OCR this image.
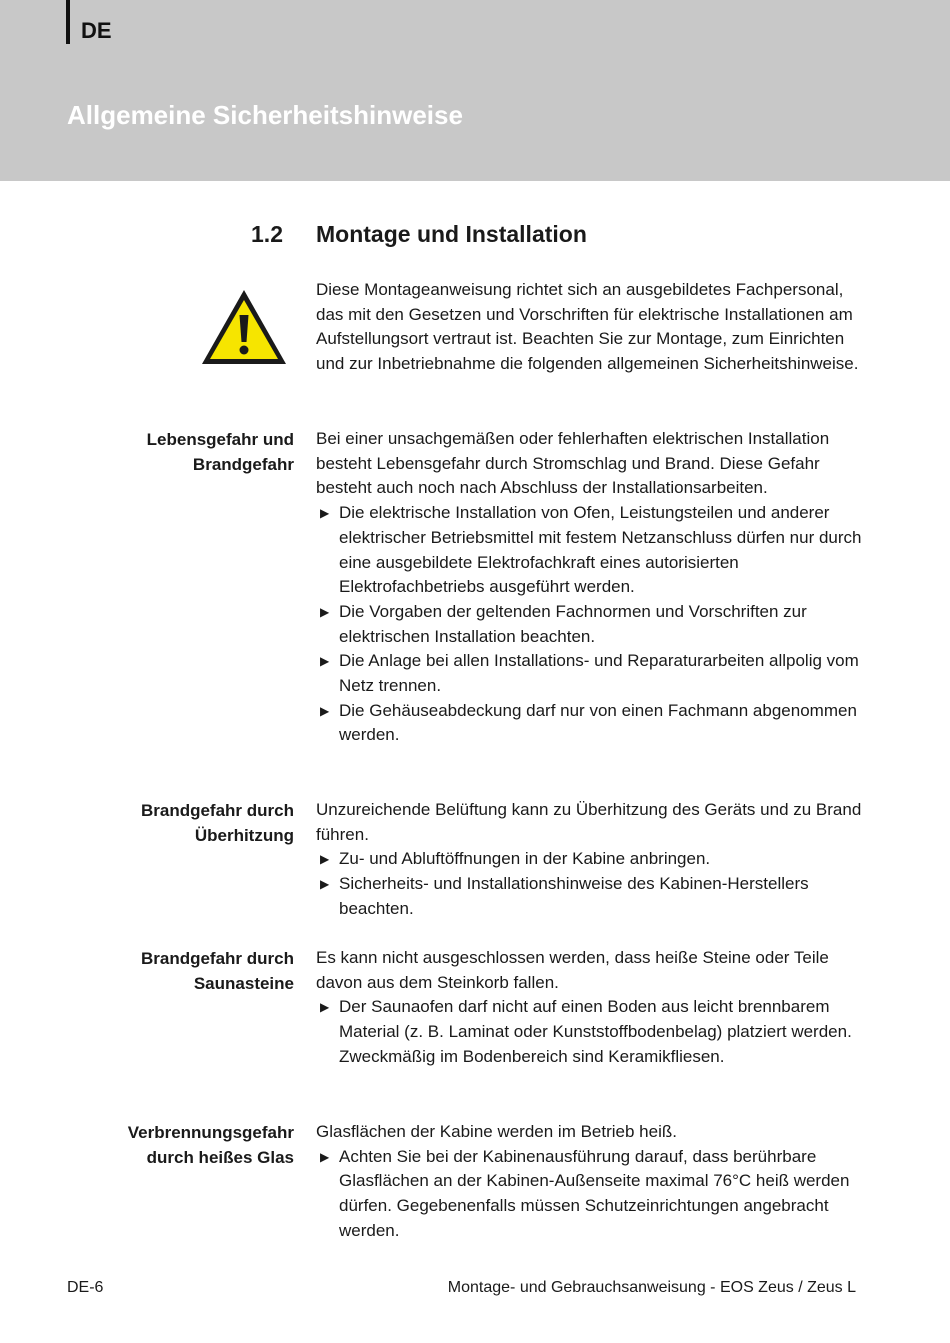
DE
Allgemeine Sicherheitshinweise
1.2 Montage und Installation

Diese Montageanweisung richtet sich an ausgebildetes Fachpersonal, das mit den Gesetzen und Vorschriften für elektrische Installationen am Aufstellungsort vertraut ist. Beachten Sie zur Montage, zum Einrichten und zur Inbetriebnahme die folgenden allgemeinen Sicherheitshinweise.

Lebensgefahr und
Brandgefahr

Bei einer unsachgemäßen oder fehlerhaften elektrischen Installation besteht Lebensgefahr durch Stromschlag und Brand. Diese Gefahr besteht auch noch nach Abschluss der Installationsarbeiten.

▶ Die elektrische Installation von Ofen, Leistungsteilen und anderer elektrischer Betriebsmittel mit festem Netzanschluss dürfen nur durch eine ausgebildete Elektrofachkraft eines autorisierten Elektrofachbetriebs ausgeführt werden.
▶ Die Vorgaben der geltenden Fachnormen und Vorschriften zur elektrischen Installation beachten.
▶ Die Anlage bei allen Installations- und Reparaturarbeiten allpolig vom Netz trennen.
▶ Die Gehäuseabdeckung darf nur von einen Fachmann abgenommen werden.
Brandgefahr durch
Überhitzung

Unzureichende Belüftung kann zu Überhitzung des Geräts und zu Brand führen.

▶ Zu- und Abluftöffnungen in der Kabine anbringen.
▶ Sicherheits- und Installationshinweise des Kabinen-Herstellers beachten.
Brandgefahr durch
Saunasteine

Es kann nicht ausgeschlossen werden, dass heiße Steine oder Teile davon aus dem Steinkorb fallen.

▶ Der Saunaofen darf nicht auf einen Boden aus leicht brennbarem Material (z. B. Laminat oder Kunststoffbodenbelag) platziert werden. Zweckmäßig im Bodenbereich sind Keramikfliesen.
Verbrennungsgefahr
durch heißes Glas

Glasflächen der Kabine werden im Betrieb heiß.

▶ Achten Sie bei der Kabinenausführung darauf, dass berührbare Glasflächen an der Kabinen-Außenseite maximal 76°C heiß werden dürfen. Gegebenenfalls müssen Schutzeinrichtungen angebracht werden.
DE-6	Montage- und Gebrauchsanweisung - EOS Zeus / Zeus L
